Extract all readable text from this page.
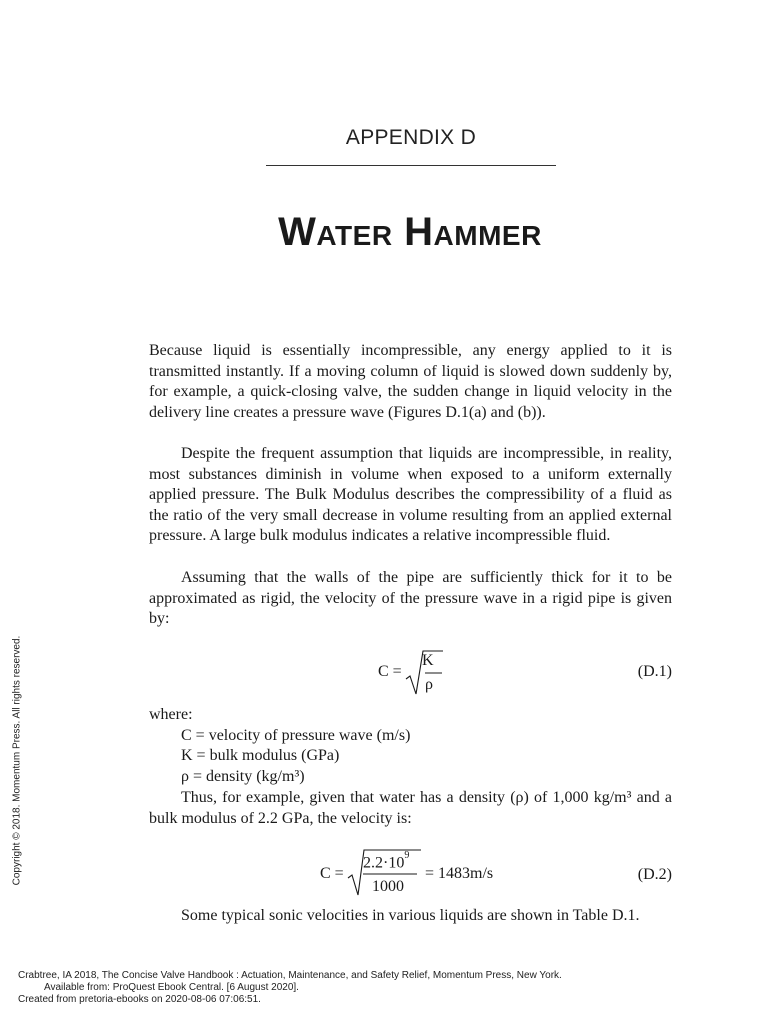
APPENDIX D
Water Hammer

Because liquid is essentially incompressible, any energy applied to it is transmitted instantly. If a moving column of liquid is slowed down suddenly by, for example, a quick-closing valve, the sudden change in liquid velocity in the delivery line creates a pressure wave (Figures D.1(a) and (b)).

Despite the frequent assumption that liquids are incompressible, in reality, most substances diminish in volume when exposed to a uniform externally applied pressure. The Bulk Modulus describes the compressibility of a fluid as the ratio of the very small decrease in volume resulting from an applied external pressure. A large bulk modulus indicates a relative incompressible fluid.

Assuming that the walls of the pipe are sufficiently thick for it to be approximated as rigid, the velocity of the pressure wave in a rigid pipe is given by:

C =
K
ρ
(D.1)
where:
C = velocity of pressure wave (m/s)
K = bulk modulus (GPa)
ρ = density (kg/m³)

Thus, for example, given that water has a density (ρ) of 1,000 kg/m³ and a bulk modulus of 2.2 GPa, the velocity is:

C =
$2.2\cdot 10^9$
1000
= 1483m/s	(D.2)

Some typical sonic velocities in various liquids are shown in Table D.1.

Copyright © 2018. Momentum Press. All rights reserved.
Crabtree, IA 2018, The Concise Valve Handbook : Actuation, Maintenance, and Safety Relief, Momentum Press, New York.
Available from: ProQuest Ebook Central. [6 August 2020].
Created from pretoria-ebooks on 2020-08-06 07:06:51.
